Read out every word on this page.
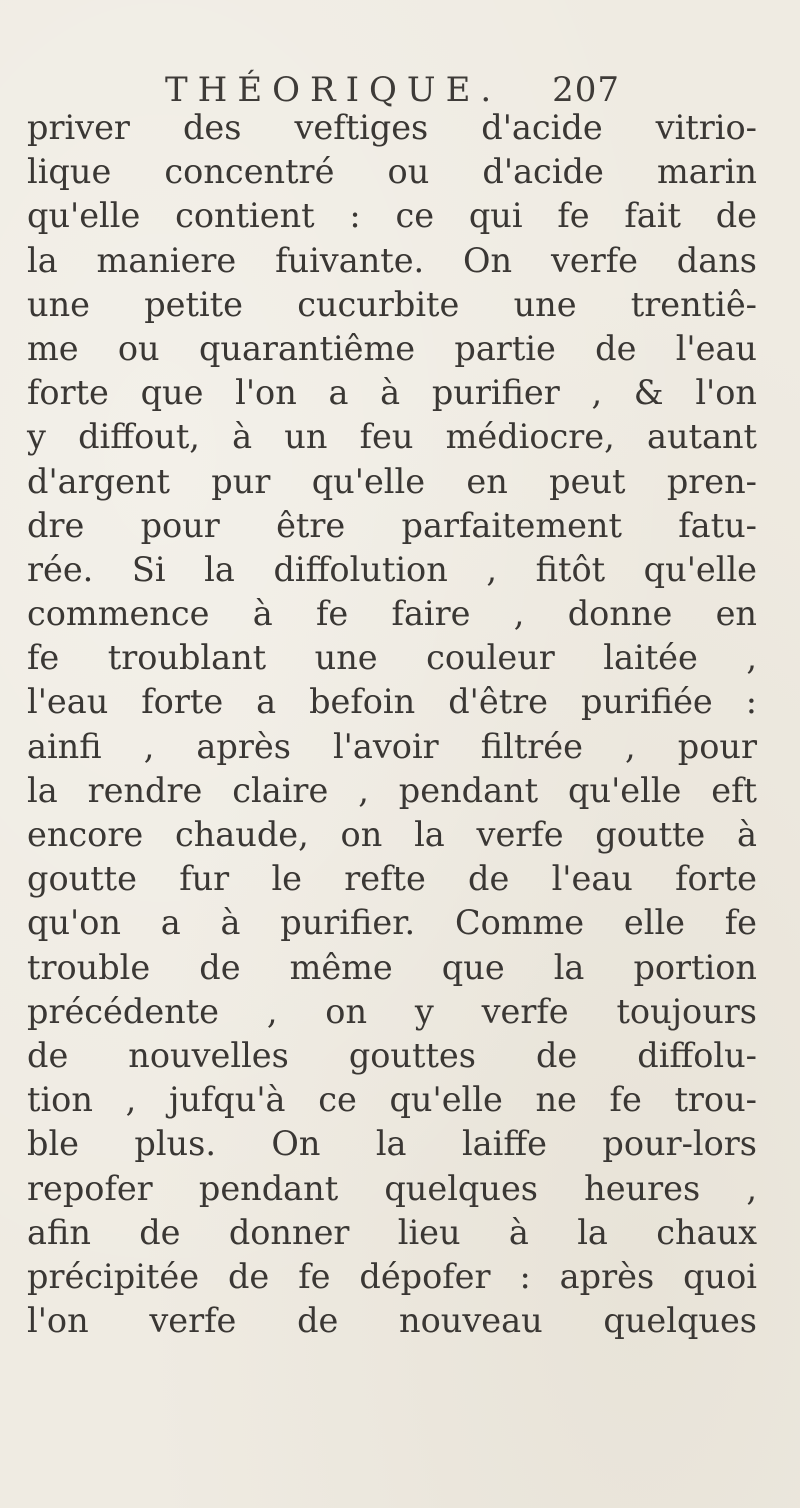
THÉORIQUE. 207
priver des veftiges d'acide vitrio-
lique concentré ou d'acide marin
qu'elle contient : ce qui fe fait de
la maniere fuivante. On verfe dans
une petite cucurbite une trentiê-
me ou quarantiême partie de l'eau
forte que l'on a à purifier , & l'on
y diffout, à un feu médiocre, autant
d'argent pur qu'elle en peut pren-
dre pour être parfaitement fatu-
rée. Si la diffolution , fitôt qu'elle
commence à fe faire , donne en
fe troublant une couleur laitée ,
l'eau forte a befoin d'être purifiée :
ainfi , après l'avoir filtrée , pour
la rendre claire , pendant qu'elle eft
encore chaude, on la verfe goutte à
goutte fur le refte de l'eau forte
qu'on a à purifier. Comme elle fe
trouble de même que la portion
précédente , on y verfe toujours
de nouvelles gouttes de diffolu-
tion , jufqu'à ce qu'elle ne fe trou-
ble plus. On la laiffe pour-lors
repofer pendant quelques heures ,
afin de donner lieu à la chaux
précipitée de fe dépofer : après quoi
l'on verfe de nouveau quelques
